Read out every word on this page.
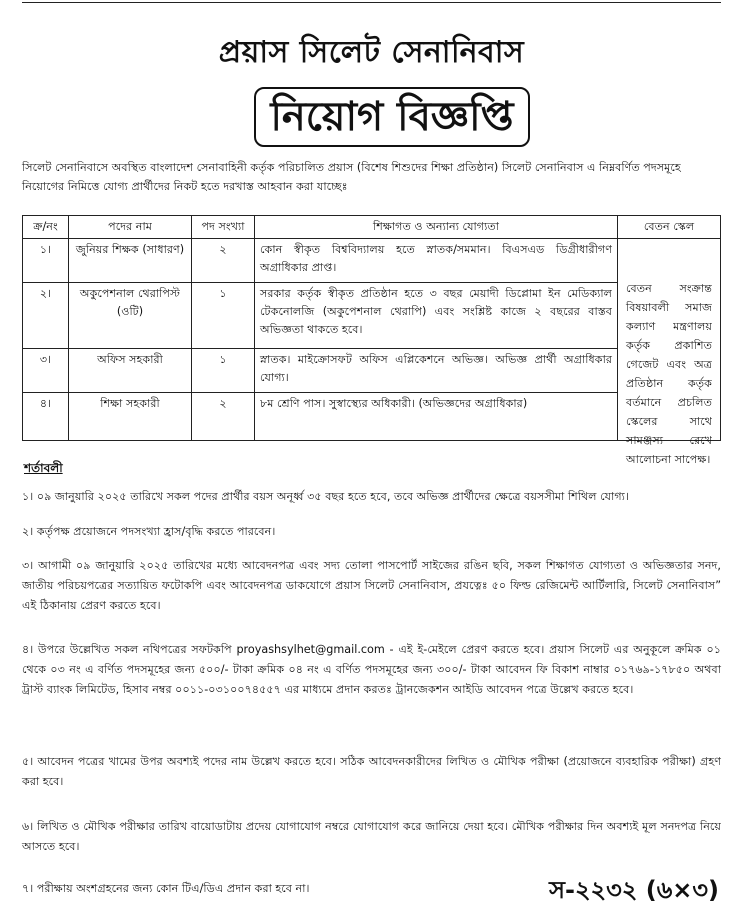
প্রয়াস সিলেট সেনানিবাস
নিয়োগ বিজ্ঞপ্তি
সিলেট সেনানিবাসে অবস্থিত বাংলাদেশ সেনাবাহিনী কর্তৃক পরিচালিত প্রয়াস (বিশেষ শিশুদের শিক্ষা প্রতিষ্ঠান) সিলেট সেনানিবাস এ নিম্নবর্ণিত পদসমূহে নিয়োগের নিমিত্তে যোগ্য প্রার্থীদের নিকট হতে দরখাস্ত আহবান করা যাচ্ছেঃ
ক্র/নং	পদের নাম	পদ সংখ্যা	শিক্ষাগত ও অন্যান্য যোগ্যতা	বেতন স্কেল
১।	জুনিয়র শিক্ষক (সাধারণ)	২	কোন স্বীকৃত বিশ্ববিদ্যালয় হতে স্নাতক/সমমান। বিএসএড ডিগ্রীধারীগণ অগ্রাধিকার প্রাপ্ত।	বেতন সংক্রান্ত বিষয়াবলী সমাজ কল্যাণ মন্ত্রণালয় কর্তৃক প্রকাশিত গেজেট এবং অত্র প্রতিষ্ঠান কর্তৃক বর্তমানে প্রচলিত স্কেলের সাথে সামঞ্জস্য রেখে আলোচনা সাপেক্ষ।

২।	অকুপেশনাল থেরাপিস্ট (ওটি)	১	সরকার কর্তৃক স্বীকৃত প্রতিষ্ঠান হতে ৩ বছর মেয়াদী ডিপ্লোমা ইন মেডিক্যাল টেকনোলজি (অকুপেশনাল থেরাপি) এবং সংশ্লিষ্ট কাজে ২ বছরের বাস্তব অভিজ্ঞতা থাকতে হবে।	
৩।	অফিস সহকারী	১	স্নাতক। মাইক্রোসফট অফিস এপ্লিকেশনে অভিজ্ঞ। অভিজ্ঞ প্রার্থী অগ্রাধিকার যোগ্য।	
৪।	শিক্ষা সহকারী	২	৮ম শ্রেণি পাস। সুস্বাস্থ্যের অধিকারী। (অভিজ্ঞদের অগ্রাধিকার)	
শর্তাবলী
১। ০৯ জানুয়ারি ২০২৫ তারিখে সকল পদের প্রার্থীর বয়স অনূর্ধ্ব ৩৫ বছর হতে হবে, তবে অভিজ্ঞ প্রার্থীদের ক্ষেত্রে বয়সসীমা শিথিল যোগ্য।
২। কর্তৃপক্ষ প্রয়োজনে পদসংখ্যা হ্রাস/বৃদ্ধি করতে পারবেন।
৩। আগামী ০৯ জানুয়ারি ২০২৫ তারিখের মধ্যে আবেদনপত্র এবং সদ্য তোলা পাসপোর্ট সাইজের রঙিন ছবি, সকল শিক্ষাগত যোগ্যতা ও অভিজ্ঞতার সনদ, জাতীয় পরিচয়পত্রের সত্যায়িত ফটোকপি এবং আবেদনপত্র ডাকযোগে প্রয়াস সিলেট সেনানিবাস, প্রযত্নেঃ ৫০ ফিল্ড রেজিমেন্ট আর্টিলারি, সিলেট সেনানিবাস” এই ঠিকানায় প্রেরণ করতে হবে।
৪। উপরে উল্লেখিত সকল নথিপত্রের সফটকপি proyashsylhet@gmail.com - এই ই-মেইলে প্রেরণ করতে হবে। প্রয়াস সিলেট এর অনুকূলে ক্রমিক ০১ থেকে ০৩ নং এ বর্ণিত পদসমূহের জন্য ৫০০/- টাকা ক্রমিক ০৪ নং এ বর্ণিত পদসমূহের জন্য ৩০০/- টাকা আবেদন ফি বিকাশ নাম্বার ০১৭৬৯-১৭৮৫০ অথবা ট্রাস্ট ব্যাংক লিমিটেড, হিসাব নম্বর ০০১১-০৩১০০৭৪৫৫৭ এর মাধ্যমে প্রদান করতঃ ট্রানজেকশন আইডি আবেদন পত্রে উল্লেখ করতে হবে।
৫। আবেদন পত্রের খামের উপর অবশ্যই পদের নাম উল্লেখ করতে হবে। সঠিক আবেদনকারীদের লিখিত ও মৌখিক পরীক্ষা (প্রয়োজনে ব্যবহারিক পরীক্ষা) গ্রহণ করা হবে।
৬। লিখিত ও মৌখিক পরীক্ষার তারিখ বায়োডাটায় প্রদেয় যোগাযোগ নম্বরে যোগাযোগ করে জানিয়ে দেয়া হবে। মৌখিক পরীক্ষার দিন অবশ্যই মূল সনদপত্র নিয়ে আসতে হবে।
৭। পরীক্ষায় অংশগ্রহনের জন্য কোন টিএ/ডিএ প্রদান করা হবে না।	স-২২৩২ (৬×৩)
